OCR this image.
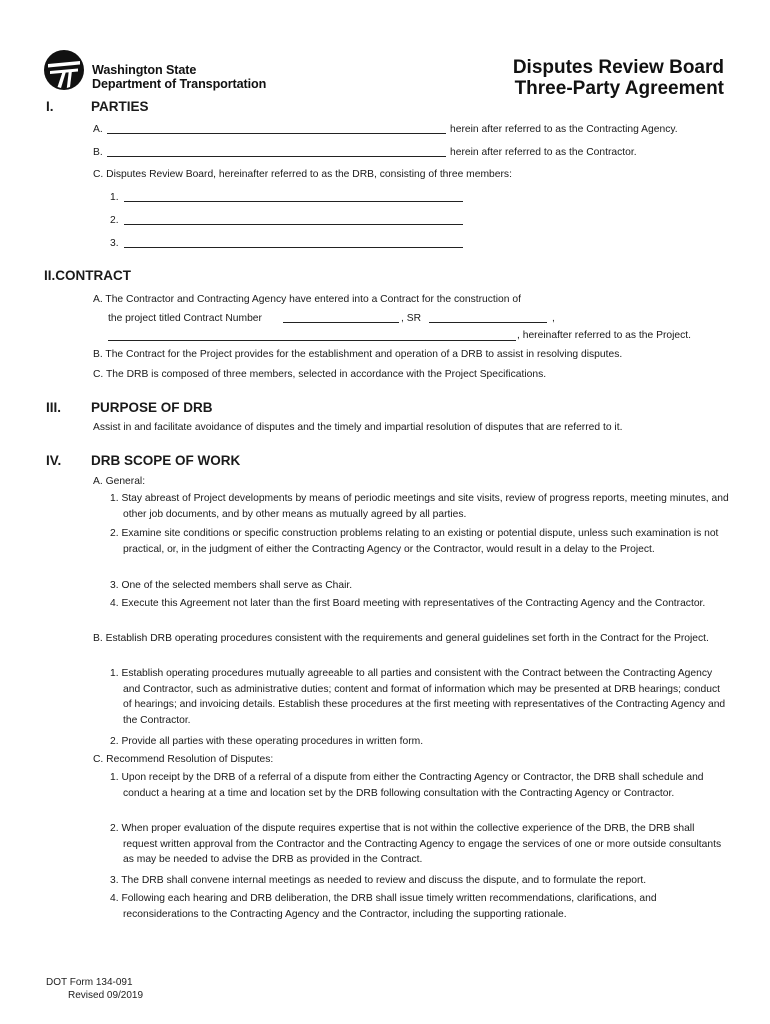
Washington State
Department of Transportation
Disputes Review Board
Three-Party Agreement
I.	PARTIES
A.	herein after referred to as the Contracting Agency.
B.	herein after referred to as the Contractor.
C. Disputes Review Board, hereinafter referred to as the DRB, consisting of three members:
1.
2.
3.
II.CONTRACT
A. The Contractor and Contracting Agency have entered into a Contract for the construction of
the project titled Contract Number	, SR	,
, hereinafter referred to as the Project.
B. The Contract for the Project provides for the establishment and operation of a DRB to assist in resolving disputes.
C. The DRB is composed of three members, selected in accordance with the Project Specifications.
III. PURPOSE OF DRB
Assist in and facilitate avoidance of disputes and the timely and impartial resolution of disputes that are referred to it.
IV. DRB SCOPE OF WORK
A. General:
1. Stay abreast of Project developments by means of periodic meetings and site visits, review of progress reports, meeting minutes, and other job documents, and by other means as mutually agreed by all parties.
2. Examine site conditions or specific construction problems relating to an existing or potential dispute, unless such examination is not practical, or, in the judgment of either the Contracting Agency or the Contractor, would result in a delay to the Project.
3. One of the selected members shall serve as Chair.
4. Execute this Agreement not later than the first Board meeting with representatives of the Contracting Agency and the Contractor.
B. Establish DRB operating procedures consistent with the requirements and general guidelines set forth in the Contract for the Project.
1. Establish operating procedures mutually agreeable to all parties and consistent with the Contract between the Contracting Agency and Contractor, such as administrative duties; content and format of information which may be presented at DRB hearings; conduct of hearings; and invoicing details. Establish these procedures at the first meeting with representatives of the Contracting Agency and the Contractor.
2. Provide all parties with these operating procedures in written form.
C. Recommend Resolution of Disputes:
1. Upon receipt by the DRB of a referral of a dispute from either the Contracting Agency or Contractor, the DRB shall schedule and conduct a hearing at a time and location set by the DRB following consultation with the Contracting Agency or Contractor.
2. When proper evaluation of the dispute requires expertise that is not within the collective experience of the DRB, the DRB shall request written approval from the Contractor and the Contracting Agency to engage the services of one or more outside consultants as may be needed to advise the DRB as provided in the Contract.
3. The DRB shall convene internal meetings as needed to review and discuss the dispute, and to formulate the report.
4. Following each hearing and DRB deliberation, the DRB shall issue timely written recommendations, clarifications, and reconsiderations to the Contracting Agency and the Contractor, including the supporting rationale.
DOT Form 134-091
Revised 09/2019
